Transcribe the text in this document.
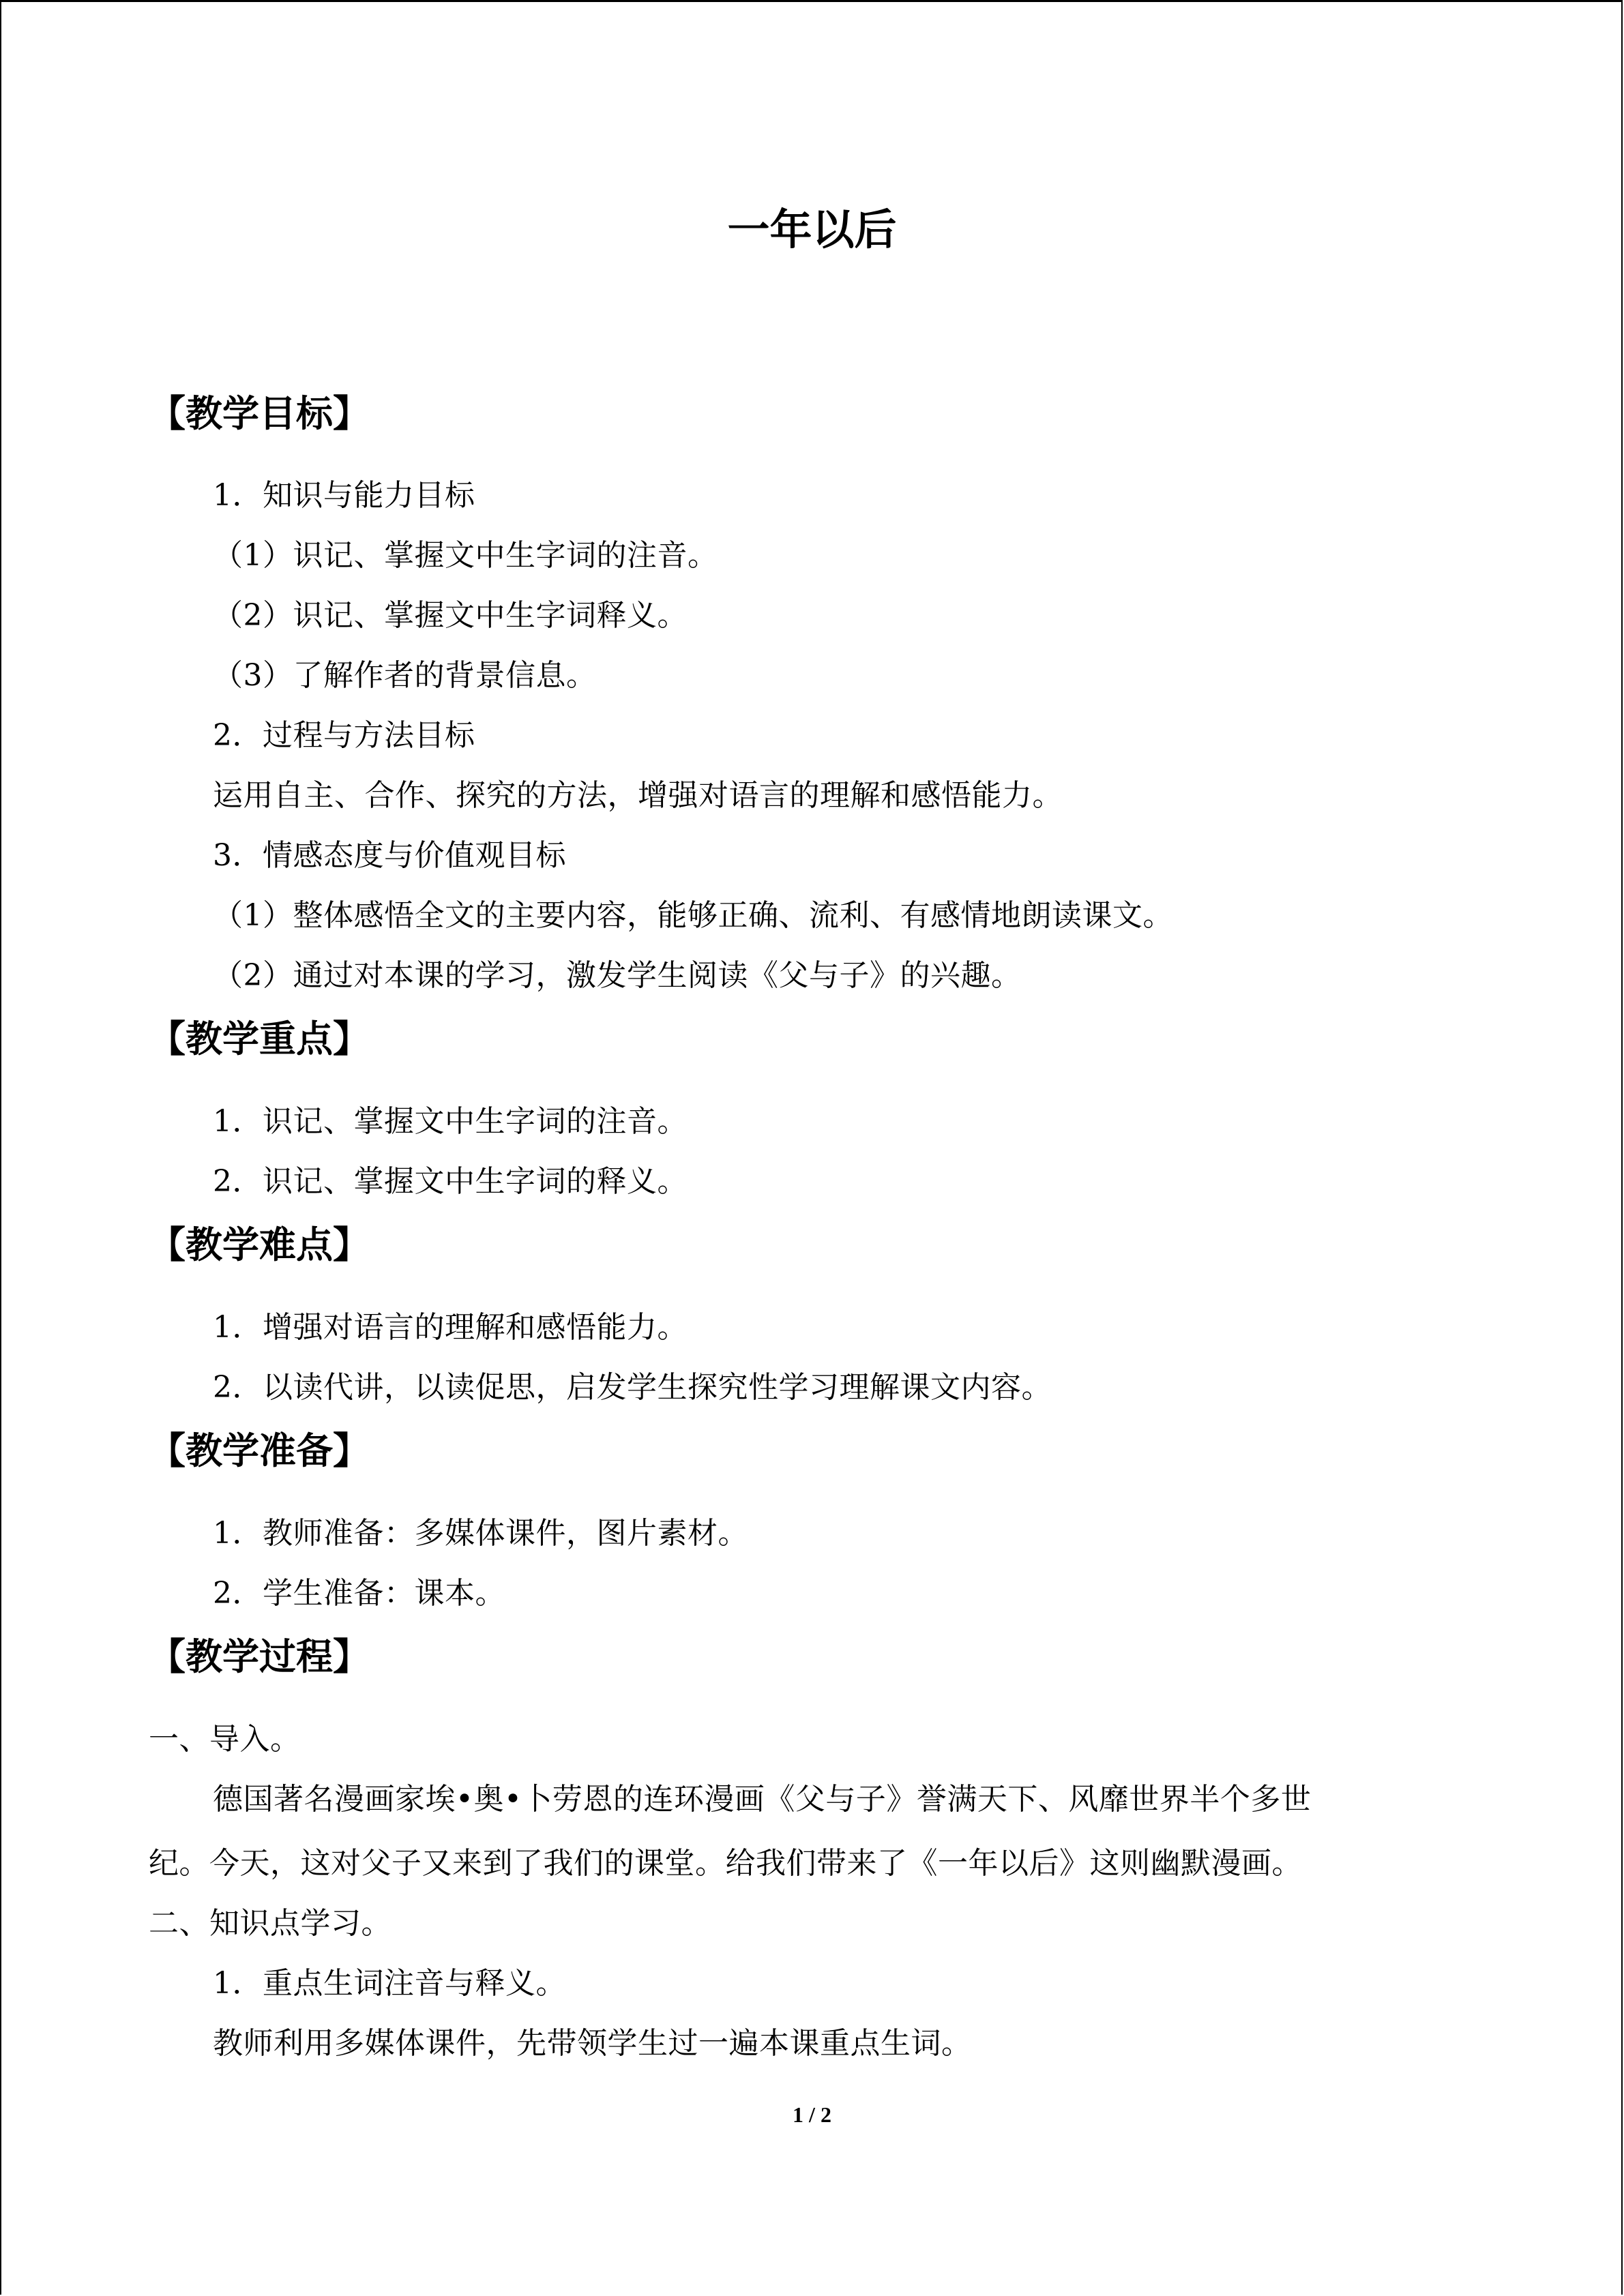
一年以后
【教学目标】
1．知识与能力目标
（1）识记、掌握文中生字词的注音。
（2）识记、掌握文中生字词释义。
（3）了解作者的背景信息。
2．过程与方法目标
运用自主、合作、探究的方法，增强对语言的理解和感悟能力。
3．情感态度与价值观目标
（1）整体感悟全文的主要内容，能够正确、流利、有感情地朗读课文。
（2）通过对本课的学习，激发学生阅读《父与子》的兴趣。
【教学重点】
1．识记、掌握文中生字词的注音。
2．识记、掌握文中生字词的释义。
【教学难点】
1．增强对语言的理解和感悟能力。
2．以读代讲，以读促思，启发学生探究性学习理解课文内容。
【教学准备】
1．教师准备：多媒体课件，图片素材。
2．学生准备：课本。
【教学过程】
一、导入。
德国著名漫画家埃•奥•卜劳恩的连环漫画《父与子》誉满天下、风靡世界半个多世
纪。今天，这对父子又来到了我们的课堂。给我们带来了《一年以后》这则幽默漫画。
二、知识点学习。
1．重点生词注音与释义。
教师利用多媒体课件，先带领学生过一遍本课重点生词。
1 / 2
